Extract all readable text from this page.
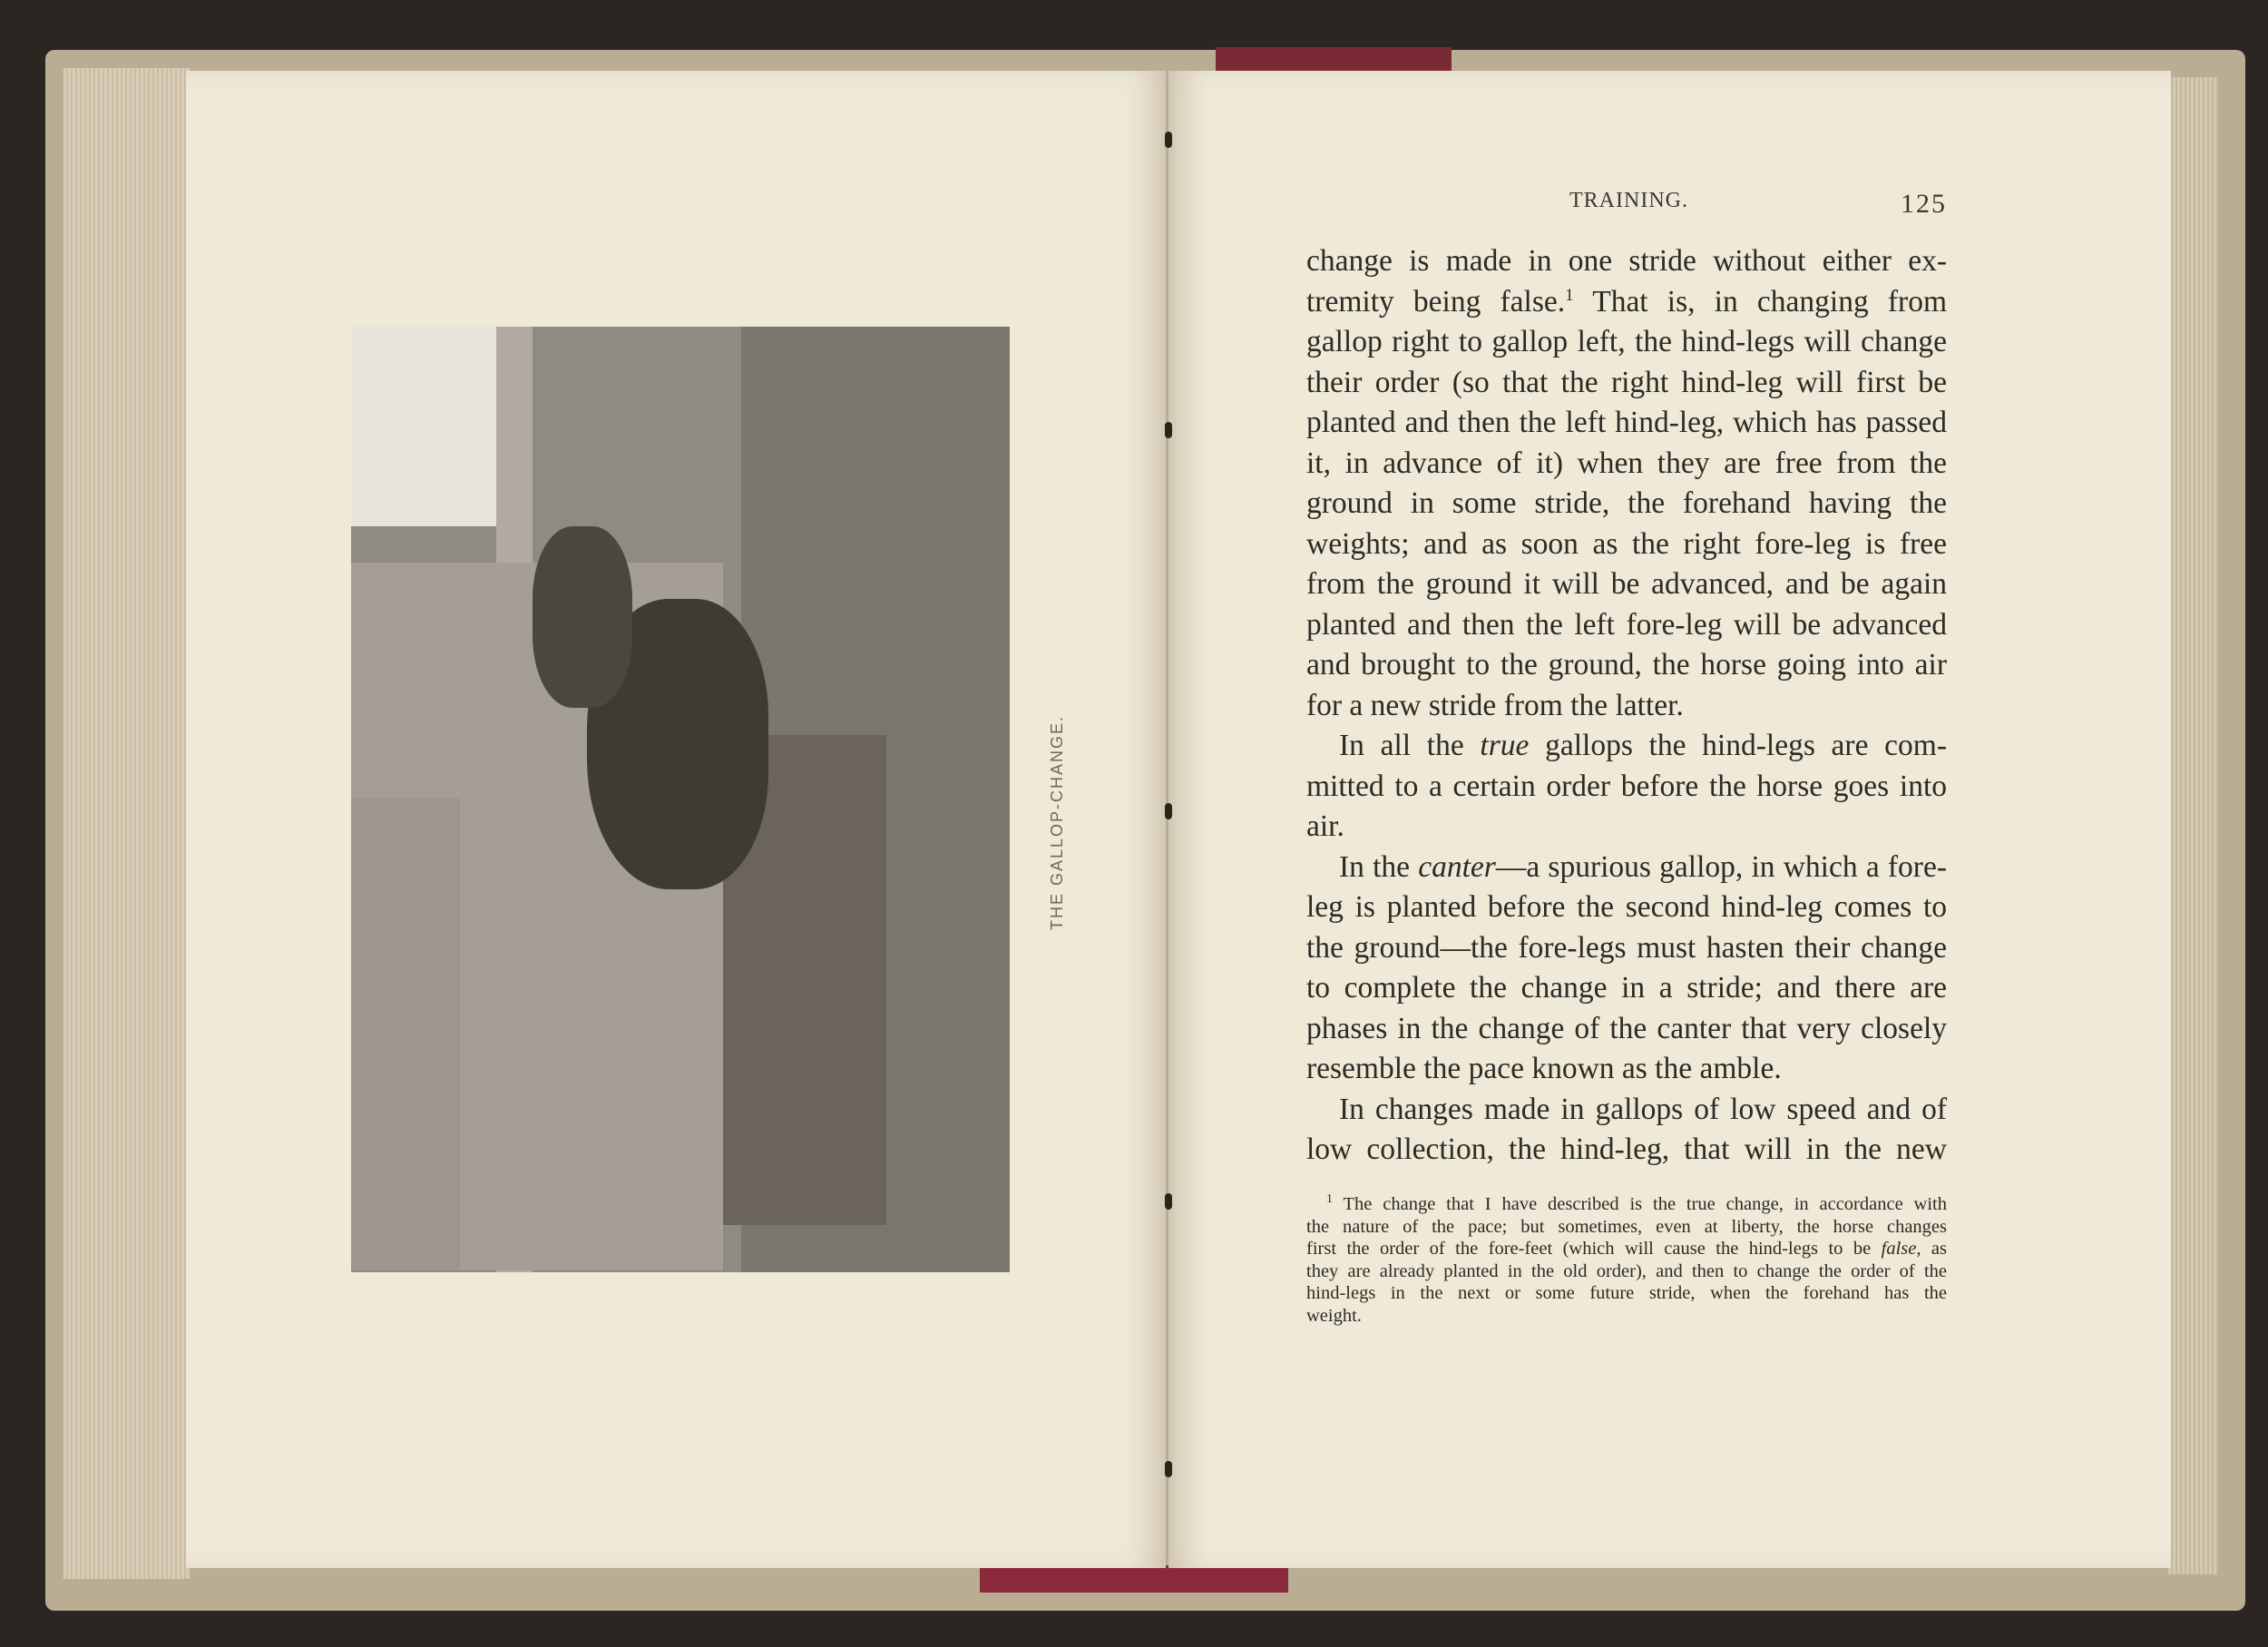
THE GALLOP-CHANGE.
TRAINING.	125
change is made in one stride without either ex-
tremity being false.$^1$ That is, in changing from
gallop right to gallop left, the hind-legs will change
their order (so that the right hind-leg will first be
planted and then the left hind-leg, which has passed
it, in advance of it) when they are free from the
ground in some stride, the forehand having the
weights; and as soon as the right fore-leg is free
from the ground it will be advanced, and be again
planted and then the left fore-leg will be advanced
and brought to the ground, the horse going into air
for a new stride from the latter.
In all the true gallops the hind-legs are com-
mitted to a certain order before the horse goes into
air.
In the canter—a spurious gallop, in which a fore-
leg is planted before the second hind-leg comes to
the ground—the fore-legs must hasten their change
to complete the change in a stride; and there are
phases in the change of the canter that very closely
resemble the pace known as the amble.
In changes made in gallops of low speed and of
low collection, the hind-leg, that will in the new
$^1$ The change that I have described is the true change, in accordance with
the nature of the pace; but sometimes, even at liberty, the horse changes
first the order of the fore-feet (which will cause the hind-legs to be false, as
they are already planted in the old order), and then to change the order of the
hind-legs in the next or some future stride, when the forehand has the
weight.
